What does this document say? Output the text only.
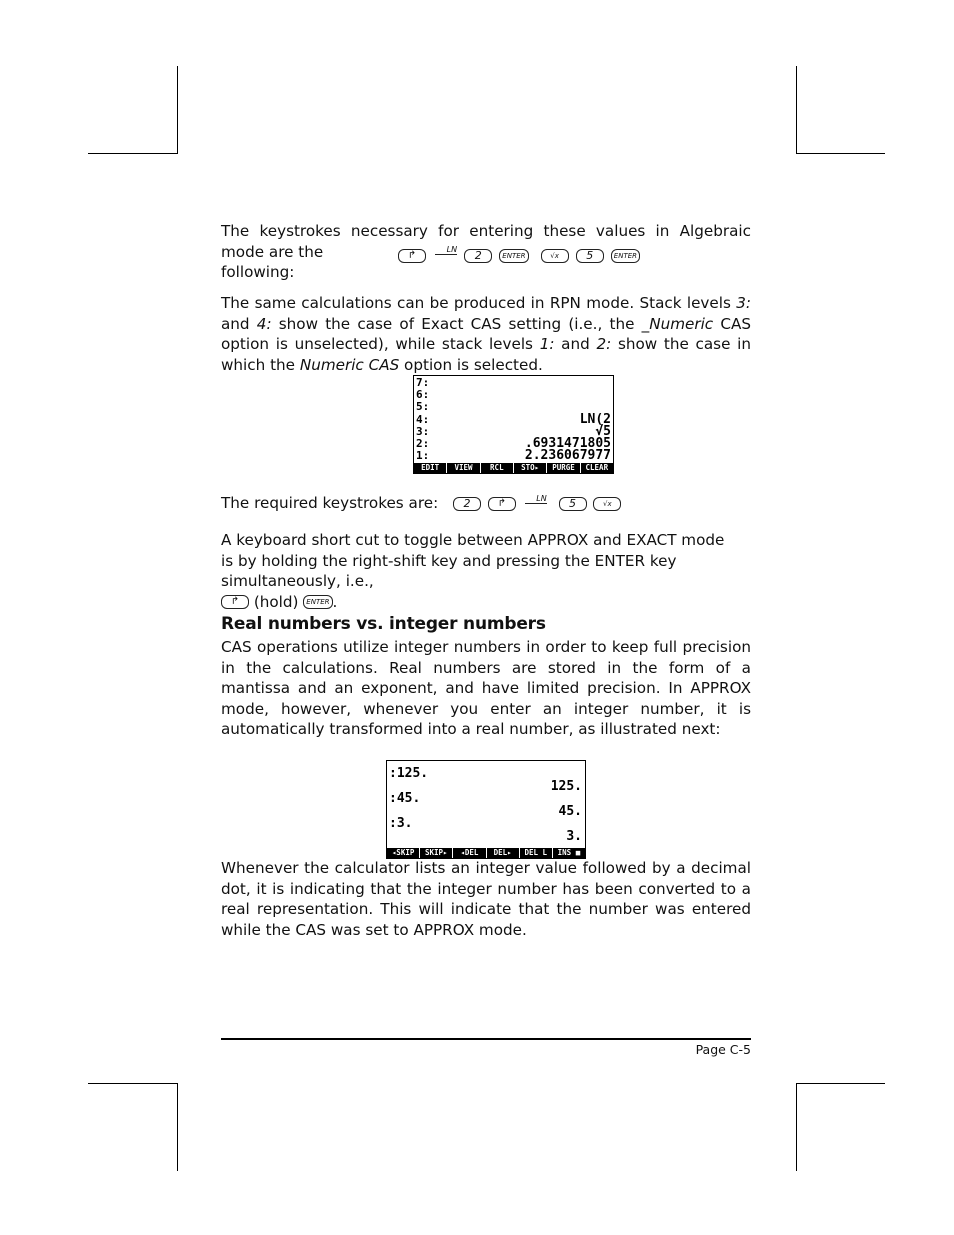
The keystrokes necessary for entering these values in Algebraic mode are the
following:

↱	LN 2	ENTER	√x 5	ENTER

The same calculations can be produced in RPN mode. Stack levels 3: and 4: show the case of Exact CAS setting (i.e., the _Numeric CAS option is unselected), while stack levels 1: and 2: show the case in which the Numeric CAS option is selected.

7:
6:
5:
4:	LN(2
3:	√5
2:	.6931471805
1:	2.236067977
EDIT	VIEW	RCL	STO▸	PURGE	CLEAR
The required keystrokes are: 2	↱	LN 5	√x

A keyboard short cut to toggle between APPROX and EXACT mode is by holding the right-shift key and pressing the ENTER key simultaneously, i.e.,
↱ (hold) ENTER .

Real numbers vs. integer numbers

CAS operations utilize integer numbers in order to keep full precision in the calculations. Real numbers are stored in the form of a mantissa and an exponent, and have limited precision. In APPROX mode, however, whenever you enter an integer number, it is automatically transformed into a real number, as illustrated next:

:125.
125.
:45.
45.
:3.
3.
◂SKIP	SKIP▸	◂DEL	DEL▸	DEL L	INS ■

Whenever the calculator lists an integer value followed by a decimal dot, it is indicating that the integer number has been converted to a real representation. This will indicate that the number was entered while the CAS was set to APPROX mode.

Page C-5
